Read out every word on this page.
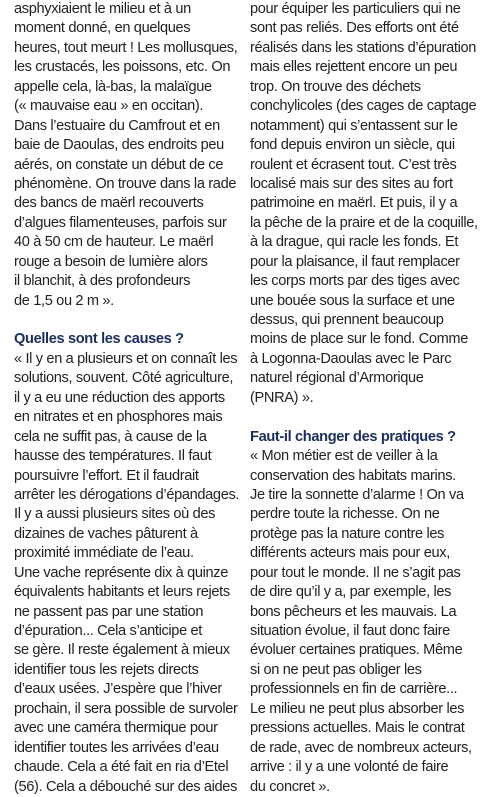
asphyxiaient le milieu et à un
moment donné, en quelques
heures, tout meurt ! Les mollusques,
les crustacés, les poissons, etc. On
appelle cela, là-bas, la malaïgue
(« mauvaise eau » en occitan).
Dans l’estuaire du Camfrout et en
baie de Daoulas, des endroits peu
aérés, on constate un début de ce
phénomène. On trouve dans la rade
des bancs de maërl recouverts
d’algues filamenteuses, parfois sur
40 à 50 cm de hauteur. Le maërl
rouge a besoin de lumière alors
il blanchit, à des profondeurs
de 1,5 ou 2 m ».
Quelles sont les causes ?
« Il y en a plusieurs et on connaît les
solutions, souvent. Côté agriculture,
il y a eu une réduction des apports
en nitrates et en phosphores mais
cela ne suffit pas, à cause de la
hausse des températures. Il faut
poursuivre l’effort. Et il faudrait
arrêter les dérogations d’épandages.
Il y a aussi plusieurs sites où des
dizaines de vaches pâturent à
proximité immédiate de l’eau.
Une vache représente dix à quinze
équivalents habitants et leurs rejets
ne passent pas par une station
d’épuration... Cela s’anticipe et
se gère. Il reste également à mieux
identifier tous les rejets directs
d’eaux usées. J’espère que l’hiver
prochain, il sera possible de survoler
avec une caméra thermique pour
identifier toutes les arrivées d’eau
chaude. Cela a été fait en ria d’Etel
(56). Cela a débouché sur des aides
pour équiper les particuliers qui ne
sont pas reliés. Des efforts ont été
réalisés dans les stations d’épuration
mais elles rejettent encore un peu
trop. On trouve des déchets
conchylicoles (des cages de captage
notamment) qui s’entassent sur le
fond depuis environ un siècle, qui
roulent et écrasent tout. C’est très
localisé mais sur des sites au fort
patrimoine en maërl. Et puis, il y a
la pêche de la praire et de la coquille,
à la drague, qui racle les fonds. Et
pour la plaisance, il faut remplacer
les corps morts par des tiges avec
une bouée sous la surface et une
dessus, qui prennent beaucoup
moins de place sur le fond. Comme
à Logonna-Daoulas avec le Parc
naturel régional d’Armorique
(PNRA) ».
Faut-il changer des pratiques ?
« Mon métier est de veiller à la
conservation des habitats marins.
Je tire la sonnette d’alarme ! On va
perdre toute la richesse. On ne
protège pas la nature contre les
différents acteurs mais pour eux,
pour tout le monde. Il ne s’agit pas
de dire qu’il y a, par exemple, les
bons pêcheurs et les mauvais. La
situation évolue, il faut donc faire
évoluer certaines pratiques. Même
si on ne peut pas obliger les
professionnels en fin de carrière...
Le milieu ne peut plus absorber les
pressions actuelles. Mais le contrat
de rade, avec de nombreux acteurs,
arrive : il y a une volonté de faire
du concret ».
